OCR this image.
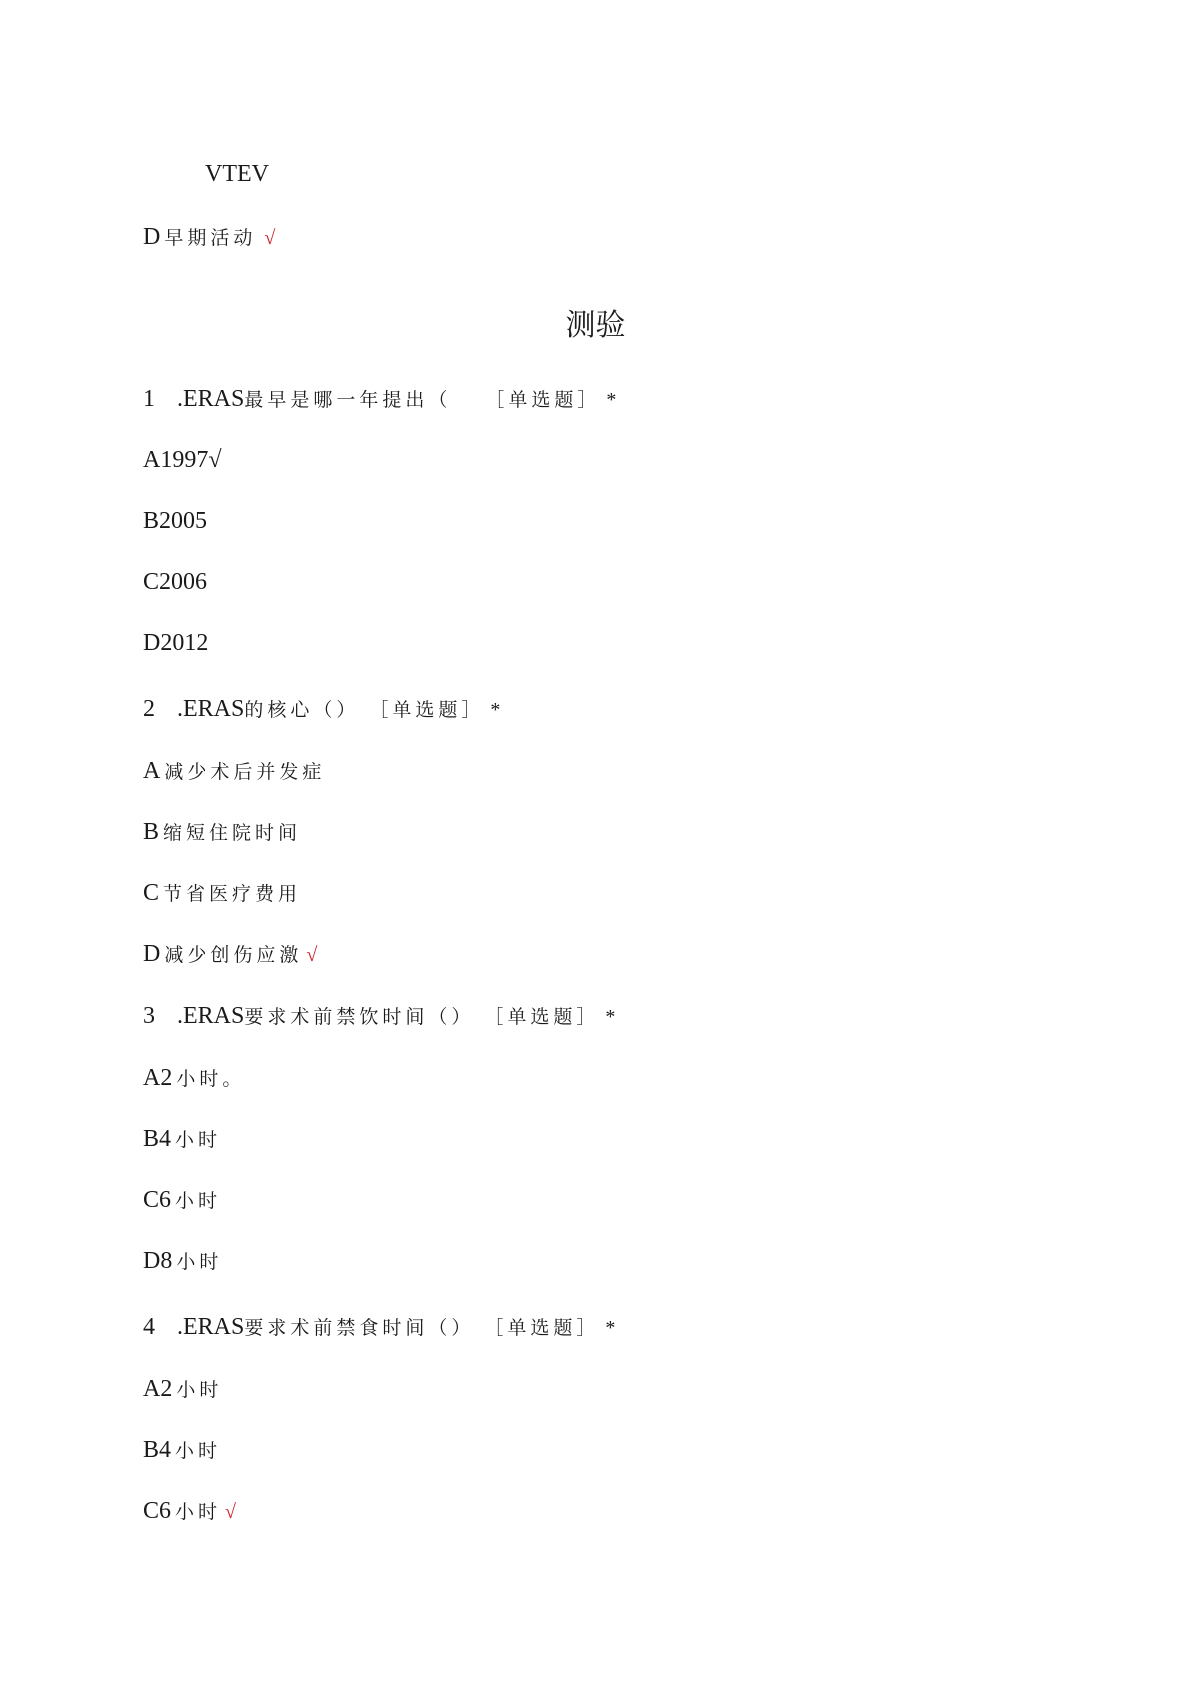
VTEV
D 早期活动 √
测验
1 .ERAS最早是哪一年提出（ ［单选题］ *
A1997√
B2005
C2006
D2012
2 .ERAS的核心（） ［单选题］ *
A 减少术后并发症
B 缩短住院时间
C 节省医疗费用
D 减少创伤应激 √
3 .ERAS要求术前禁饮时间（） ［单选题］ *
A2 小时。
B4 小时
C6 小时
D8 小时
4 .ERAS要求术前禁食时间（） ［单选题］ *
A2 小时
B4 小时
C6 小时 √
